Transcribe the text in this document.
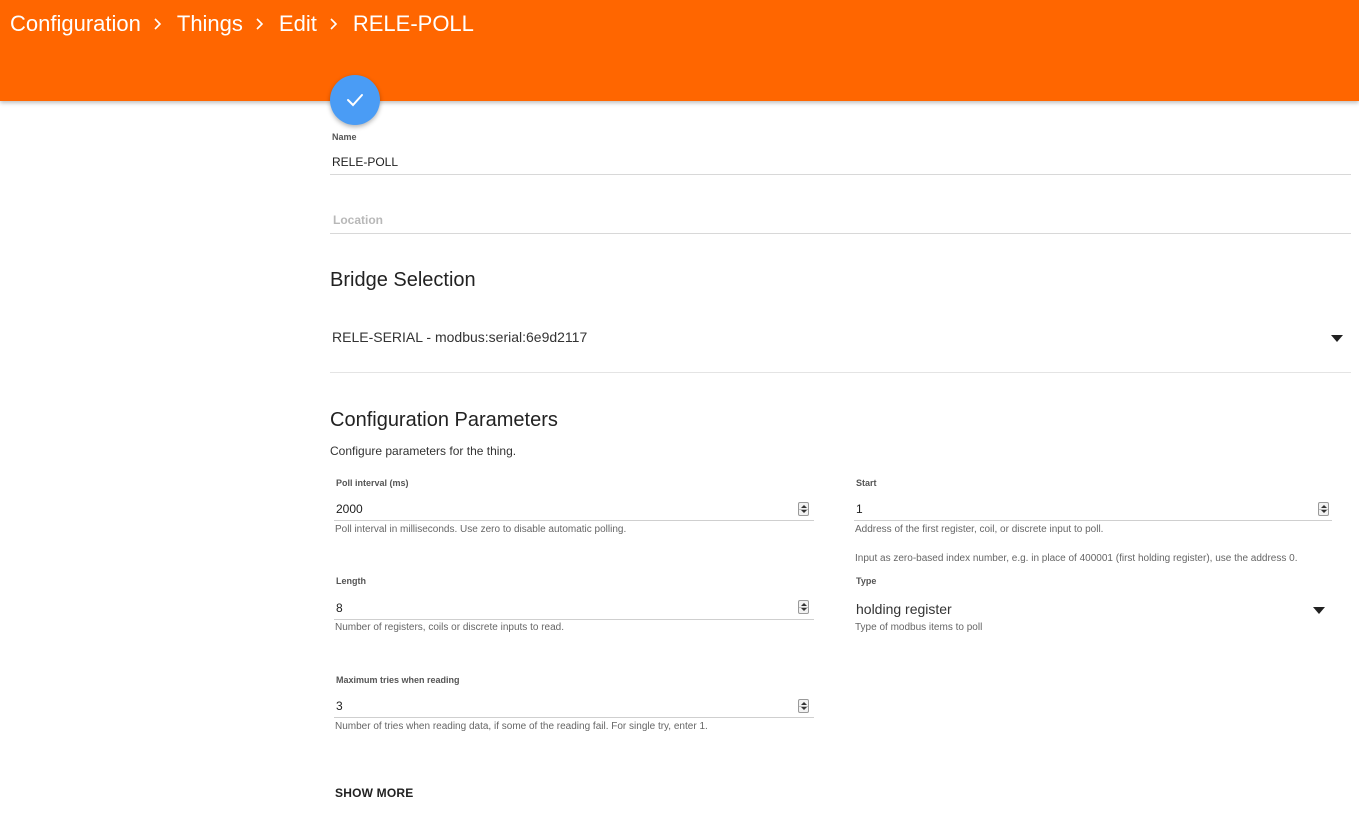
Configuration Things Edit RELE-POLL
Name
RELE-POLL
Location
Bridge Selection
RELE-SERIAL - modbus:serial:6e9d2117
Configuration Parameters
Configure parameters for the thing.
Poll interval (ms)
2000
Poll interval in milliseconds. Use zero to disable automatic polling.
Start
1
Address of the first register, coil, or discrete input to poll.
Input as zero-based index number, e.g. in place of 400001 (first holding register), use the address 0.
Length
8
Number of registers, coils or discrete inputs to read.
Type
holding register
Type of modbus items to poll
Maximum tries when reading
3
Number of tries when reading data, if some of the reading fail. For single try, enter 1.
SHOW MORE
